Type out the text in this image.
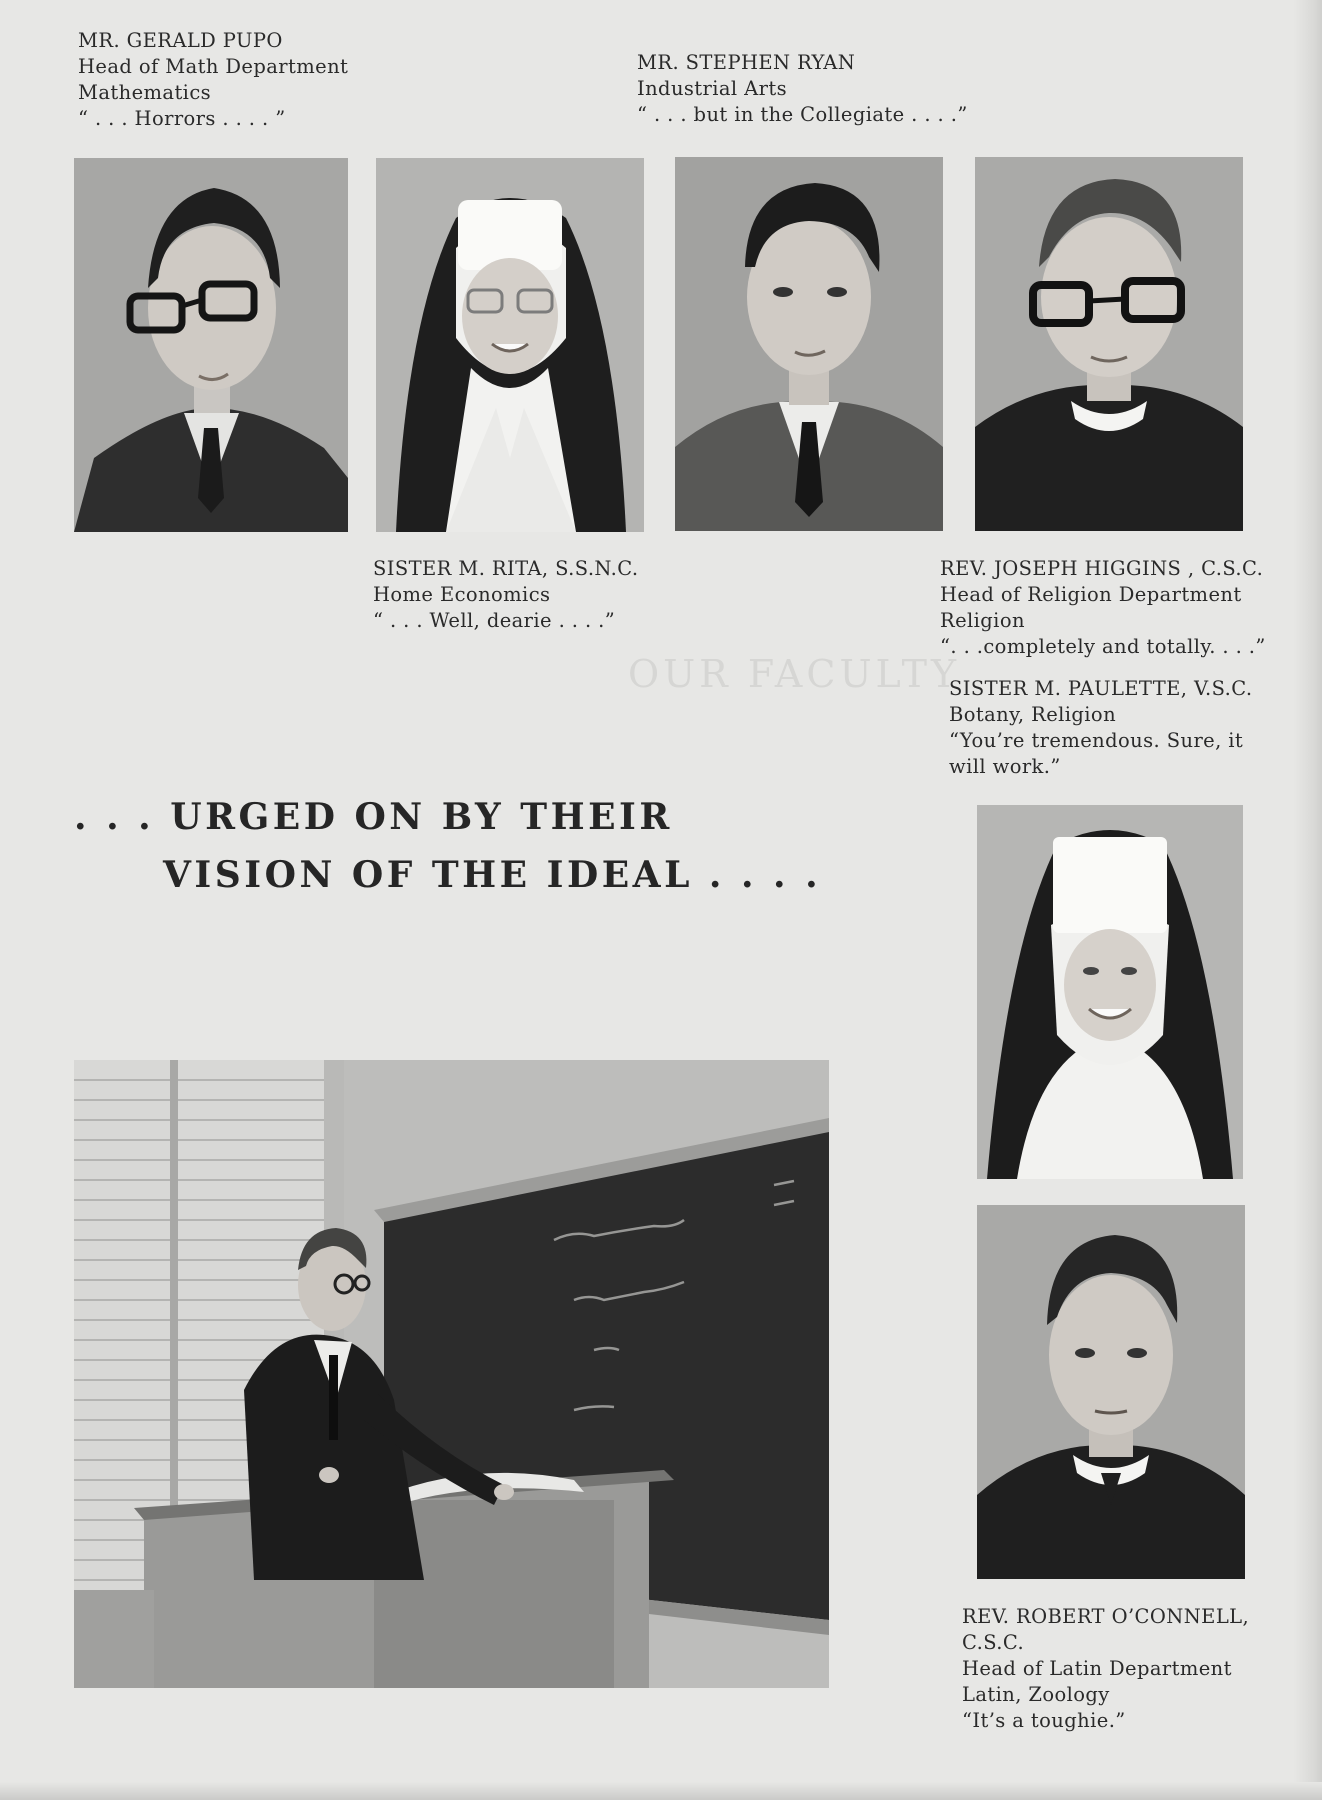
OUR FACULTY
MR. GERALD PUPO
Head of Math Department
Mathematics
“ . . . Horrors . . . . ”
MR. STEPHEN RYAN
Industrial Arts
“ . . . but in the Collegiate . . . .”
SISTER M. RITA, S.S.N.C.
Home Economics
“ . . . Well, dearie . . . .”
REV. JOSEPH HIGGINS , C.S.C.
Head of Religion Department
Religion
“. . .completely and totally. . . .”
SISTER M. PAULETTE, V.S.C.
Botany, Religion
“You’re tremendous. Sure, it
will work.”
. . . URGED ON BY THEIR
VISION OF THE IDEAL . . . .
REV. ROBERT O’CONNELL,
C.S.C.
Head of Latin Department
Latin, Zoology
“It’s a toughie.”
